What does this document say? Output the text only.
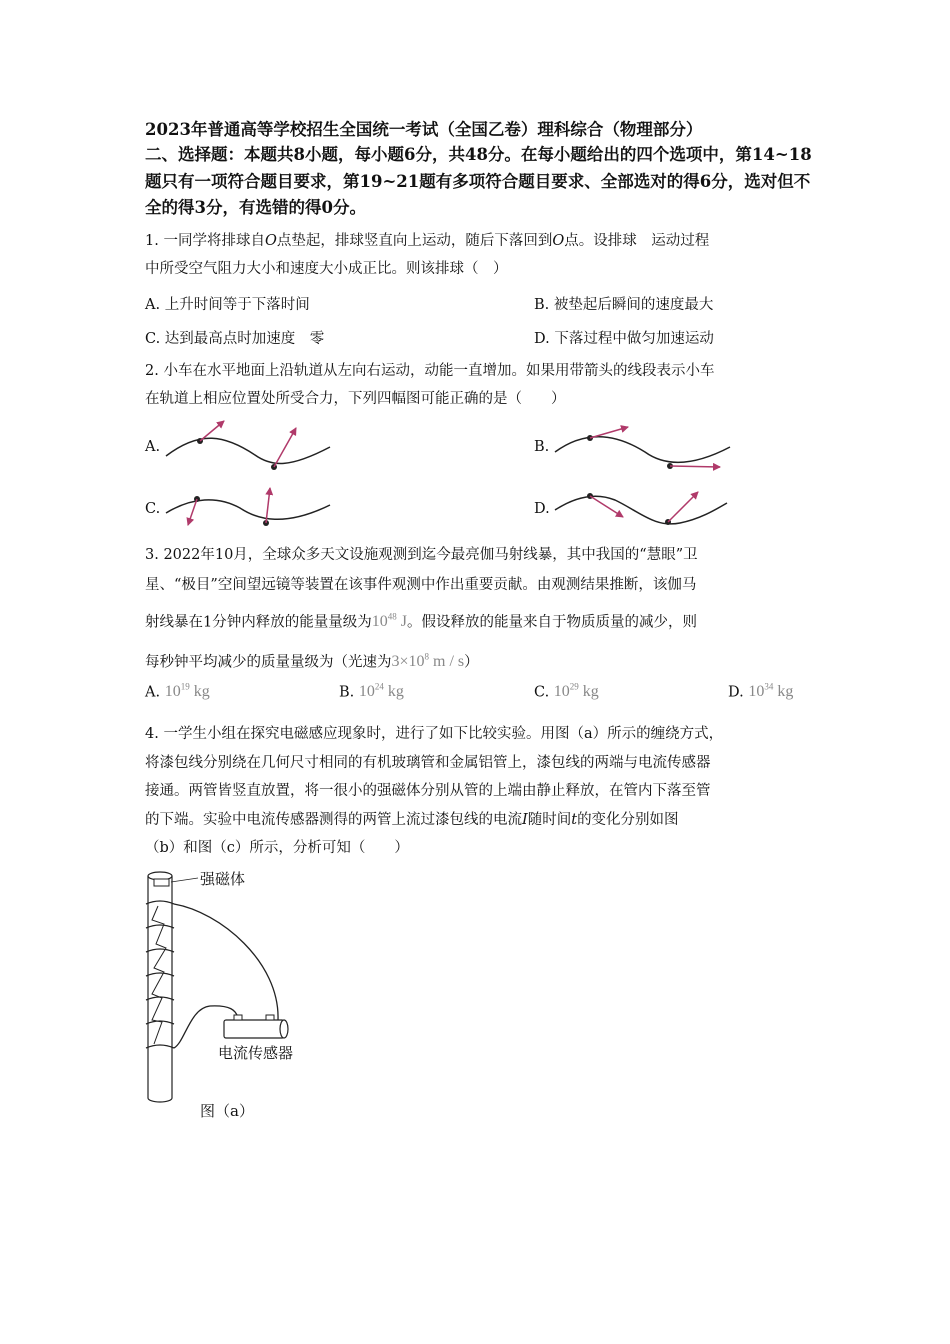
2023年普通高等学校招生全国统一考试（全国乙卷）理科综合（物理部分）
二、选择题：本题共8小题，每小题6分，共48分。在每小题给出的四个选项中，第14~18题只有一项符合题目要求，第19~21题有多项符合题目要求、全部选对的得6分，选对但不全的得3分，有选错的得0分。
1. 一同学将排球自O点垫起，排球竖直向上运动，随后下落回到O点。设排球　运动过程
中所受空气阻力大小和速度大小成正比。则该排球（　）
A. 上升时间等于下落时间	B. 被垫起后瞬间的速度最大
C. 达到最高点时加速度　零	D. 下落过程中做匀加速运动
2. 小车在水平地面上沿轨道从左向右运动，动能一直增加。如果用带箭头的线段表示小车
在轨道上相应位置处所受合力，下列四幅图可能正确的是（　　）
A.	B.
C.	D.
3. 2022年10月，全球众多天文设施观测到迄今最亮伽马射线暴，其中我国的“慧眼”卫
星、“极目”空间望远镜等装置在该事件观测中作出重要贡献。由观测结果推断，该伽马
射线暴在1分钟内释放的能量量级为$10^{48}$ J。假设释放的能量来自于物质质量的减少，则
每秒钟平均减少的质量量级为（光速为$3\times 10^8$ m / s）
A. $10^{19}$ kg	B. $10^{24}$ kg	C. $10^{29}$ kg	D. $10^{34}$ kg
4. 一学生小组在探究电磁感应现象时，进行了如下比较实验。用图（a）所示的缠绕方式，
将漆包线分别绕在几何尺寸相同的有机玻璃管和金属铝管上，漆包线的两端与电流传感器
接通。两管皆竖直放置，将一很小的强磁体分别从管的上端由静止释放，在管内下落至管
的下端。实验中电流传感器测得的两管上流过漆包线的电流I随时间t的变化分别如图
（b）和图（c）所示，分析可知（　　）
强磁体
电流传感器
图（a）
